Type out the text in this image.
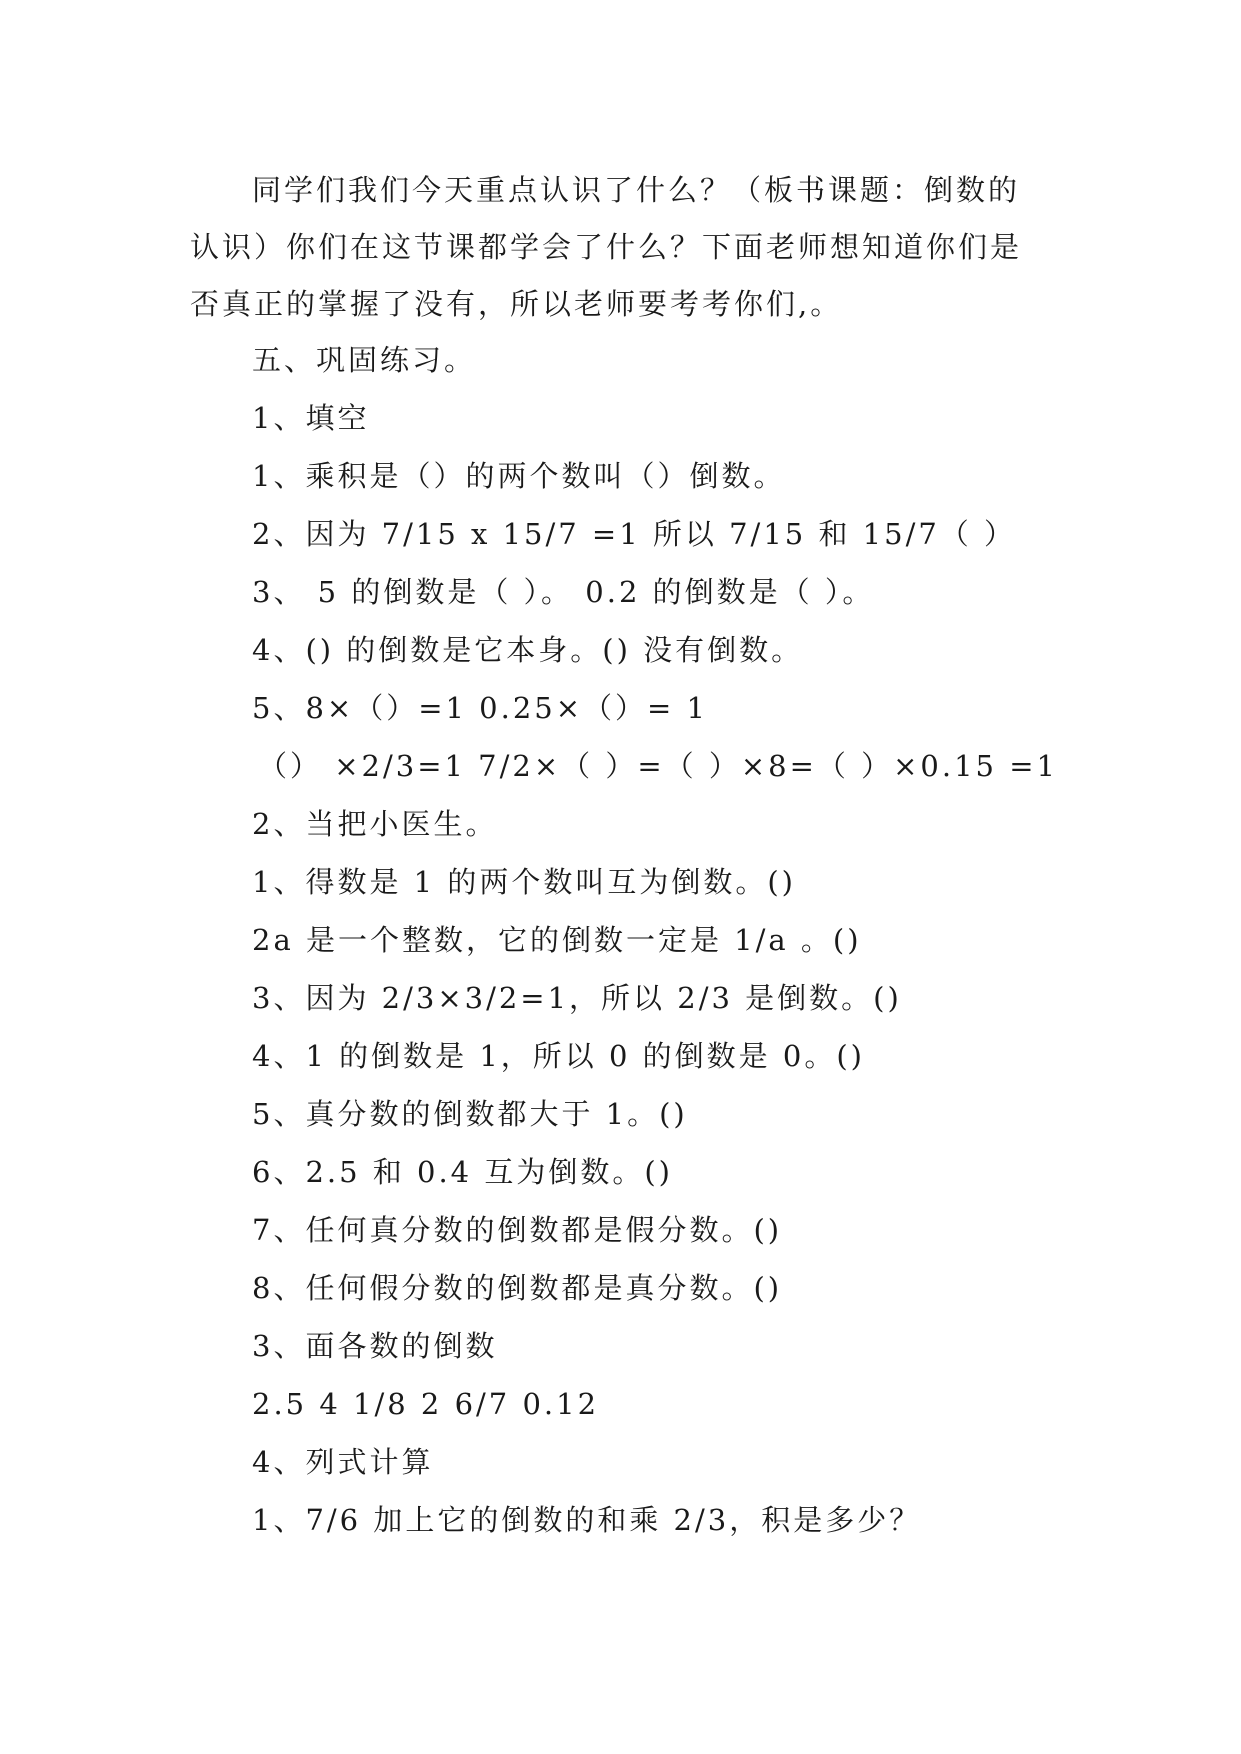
同学们我们今天重点认识了什么？（板书课题：倒数的认识）你们在这节课都学会了什么？下面老师想知道你们是否真正的掌握了没有，所以老师要考考你们,。

五、巩固练习。

1、填空

1、乘积是（）的两个数叫（）倒数。

2、因为 7/15 x 15/7 =1 所以 7/15 和 15/7（ ）

3、 5 的倒数是（ ）。 0.2 的倒数是（ ）。

4、() 的倒数是它本身。() 没有倒数。

5、8×（）=1 0.25×（）= 1

（） ×2/3=1 7/2×（ ）=（ ）×8=（ ）×0.15 =1

2、当把小医生。

1、得数是 1 的两个数叫互为倒数。()

2a 是一个整数，它的倒数一定是 1/a 。()

3、因为 2/3×3/2=1，所以 2/3 是倒数。()

4、1 的倒数是 1，所以 0 的倒数是 0。()

5、真分数的倒数都大于 1。()

6、2.5 和 0.4 互为倒数。()

7、任何真分数的倒数都是假分数。()

8、任何假分数的倒数都是真分数。()

3、面各数的倒数

2.5 4 1/8 2 6/7 0.12

4、列式计算

1、7/6 加上它的倒数的和乘 2/3，积是多少？
